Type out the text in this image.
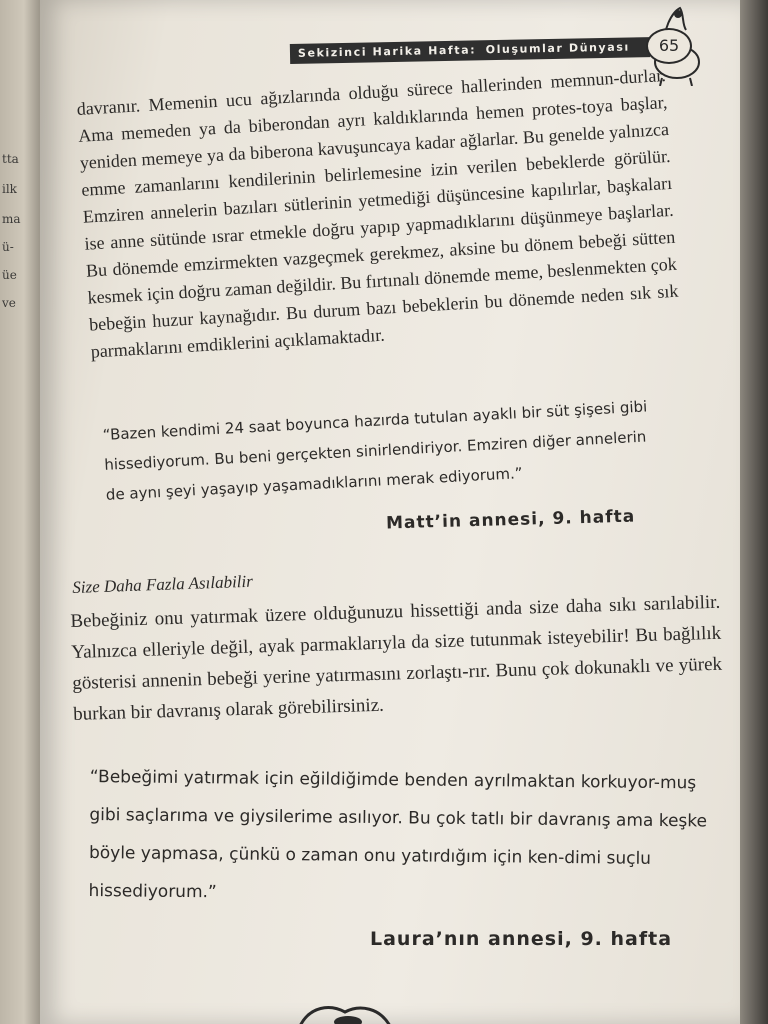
tta
ilk
ma
ü-
üe
ve
Sekizinci Harika Hafta: Oluşumlar Dünyası	65
davranır. Memenin ucu ağızlarında olduğu sürece hallerinden memnun-durlar. Ama memeden ya da biberondan ayrı kaldıklarında hemen protes-toya başlar, yeniden memeye ya da biberona kavuşuncaya kadar ağlarlar. Bu genelde yalnızca emme zamanlarını kendilerinin belirlemesine izin verilen bebeklerde görülür. Emziren annelerin bazıları sütlerinin yetmediği düşüncesine kapılırlar, başkaları ise anne sütünde ısrar etmekle doğru yapıp yapmadıklarını düşünmeye başlarlar. Bu dönemde emzirmekten vazgeçmek gerekmez, aksine bu dönem bebeği sütten kesmek için doğru zaman değildir. Bu fırtınalı dönemde meme, beslenmekten çok bebeğin huzur kaynağıdır. Bu durum bazı bebeklerin bu dönemde neden sık sık parmaklarını emdiklerini açıklamaktadır.
“Bazen kendimi 24 saat boyunca hazırda tutulan ayaklı bir süt şişesi gibi hissediyorum. Bu beni gerçekten sinirlendiriyor. Emziren diğer annelerin de aynı şeyi yaşayıp yaşamadıklarını merak ediyorum.”
Matt’in annesi, 9. hafta
Size Daha Fazla Asılabilir
Bebeğiniz onu yatırmak üzere olduğunuzu hissettiği anda size daha sıkı sarılabilir. Yalnızca elleriyle değil, ayak parmaklarıyla da size tutunmak isteyebilir! Bu bağlılık gösterisi annenin bebeği yerine yatırmasını zorlaştı-rır. Bunu çok dokunaklı ve yürek burkan bir davranış olarak görebilirsiniz.
“Bebeğimi yatırmak için eğildiğimde benden ayrılmaktan korkuyor-muş gibi saçlarıma ve giysilerime asılıyor. Bu çok tatlı bir davranış ama keşke böyle yapmasa, çünkü o zaman onu yatırdığım için ken-dimi suçlu hissediyorum.”
Laura’nın annesi, 9. hafta
